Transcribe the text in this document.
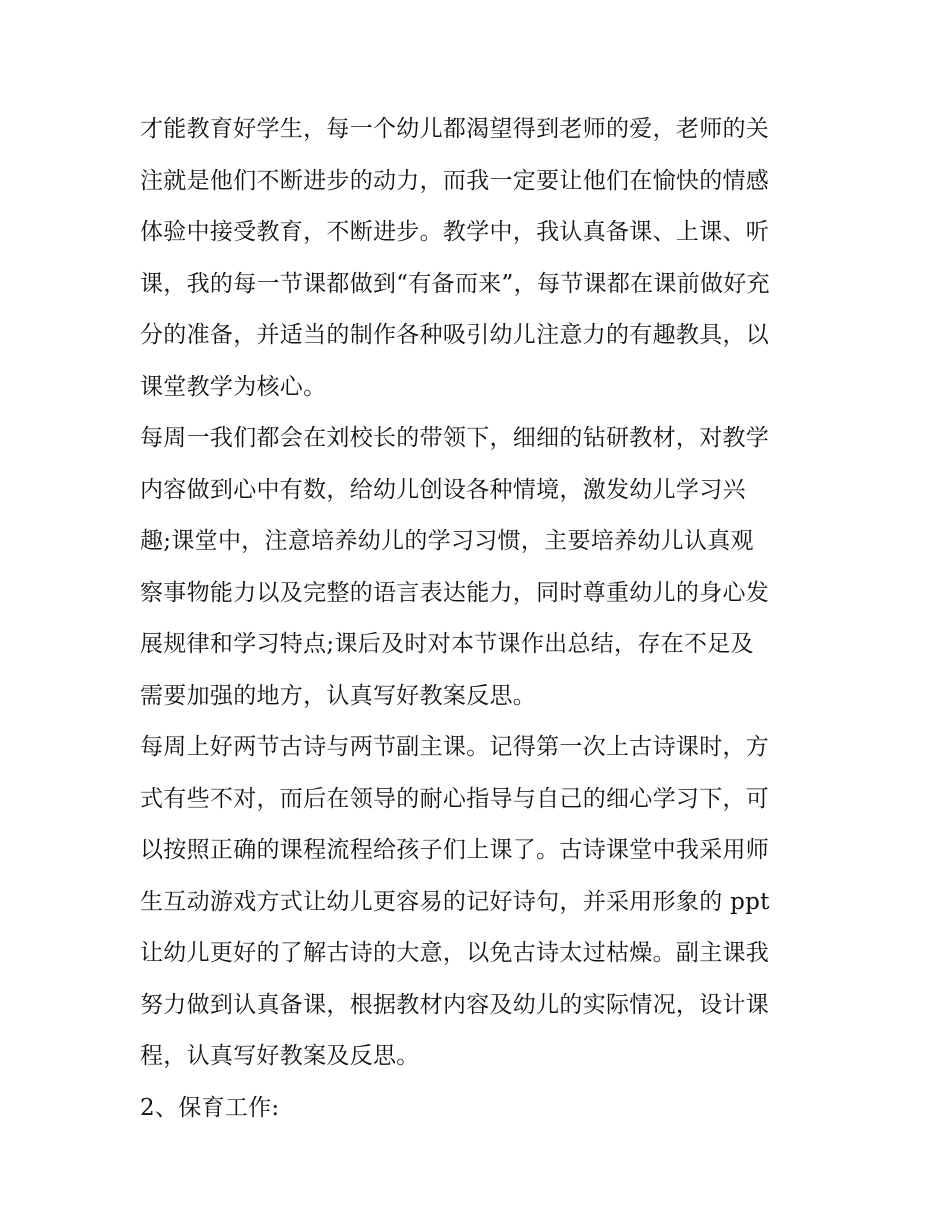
才能教育好学生，每一个幼儿都渴望得到老师的爱，老师的关
注就是他们不断进步的动力，而我一定要让他们在愉快的情感
体验中接受教育，不断进步。教学中，我认真备课、上课、听
课，我的每一节课都做到“有备而来”，每节课都在课前做好充
分的准备，并适当的制作各种吸引幼儿注意力的有趣教具，以
课堂教学为核心。
每周一我们都会在刘校长的带领下，细细的钻研教材，对教学
内容做到心中有数，给幼儿创设各种情境，激发幼儿学习兴
趣;课堂中，注意培养幼儿的学习习惯，主要培养幼儿认真观
察事物能力以及完整的语言表达能力，同时尊重幼儿的身心发
展规律和学习特点;课后及时对本节课作出总结，存在不足及
需要加强的地方，认真写好教案反思。
每周上好两节古诗与两节副主课。记得第一次上古诗课时，方
式有些不对，而后在领导的耐心指导与自己的细心学习下，可
以按照正确的课程流程给孩子们上课了。古诗课堂中我采用师
生互动游戏方式让幼儿更容易的记好诗句，并采用形象的 ppt
让幼儿更好的了解古诗的大意，以免古诗太过枯燥。副主课我
努力做到认真备课，根据教材内容及幼儿的实际情况，设计课
程，认真写好教案及反思。
2、保育工作:
